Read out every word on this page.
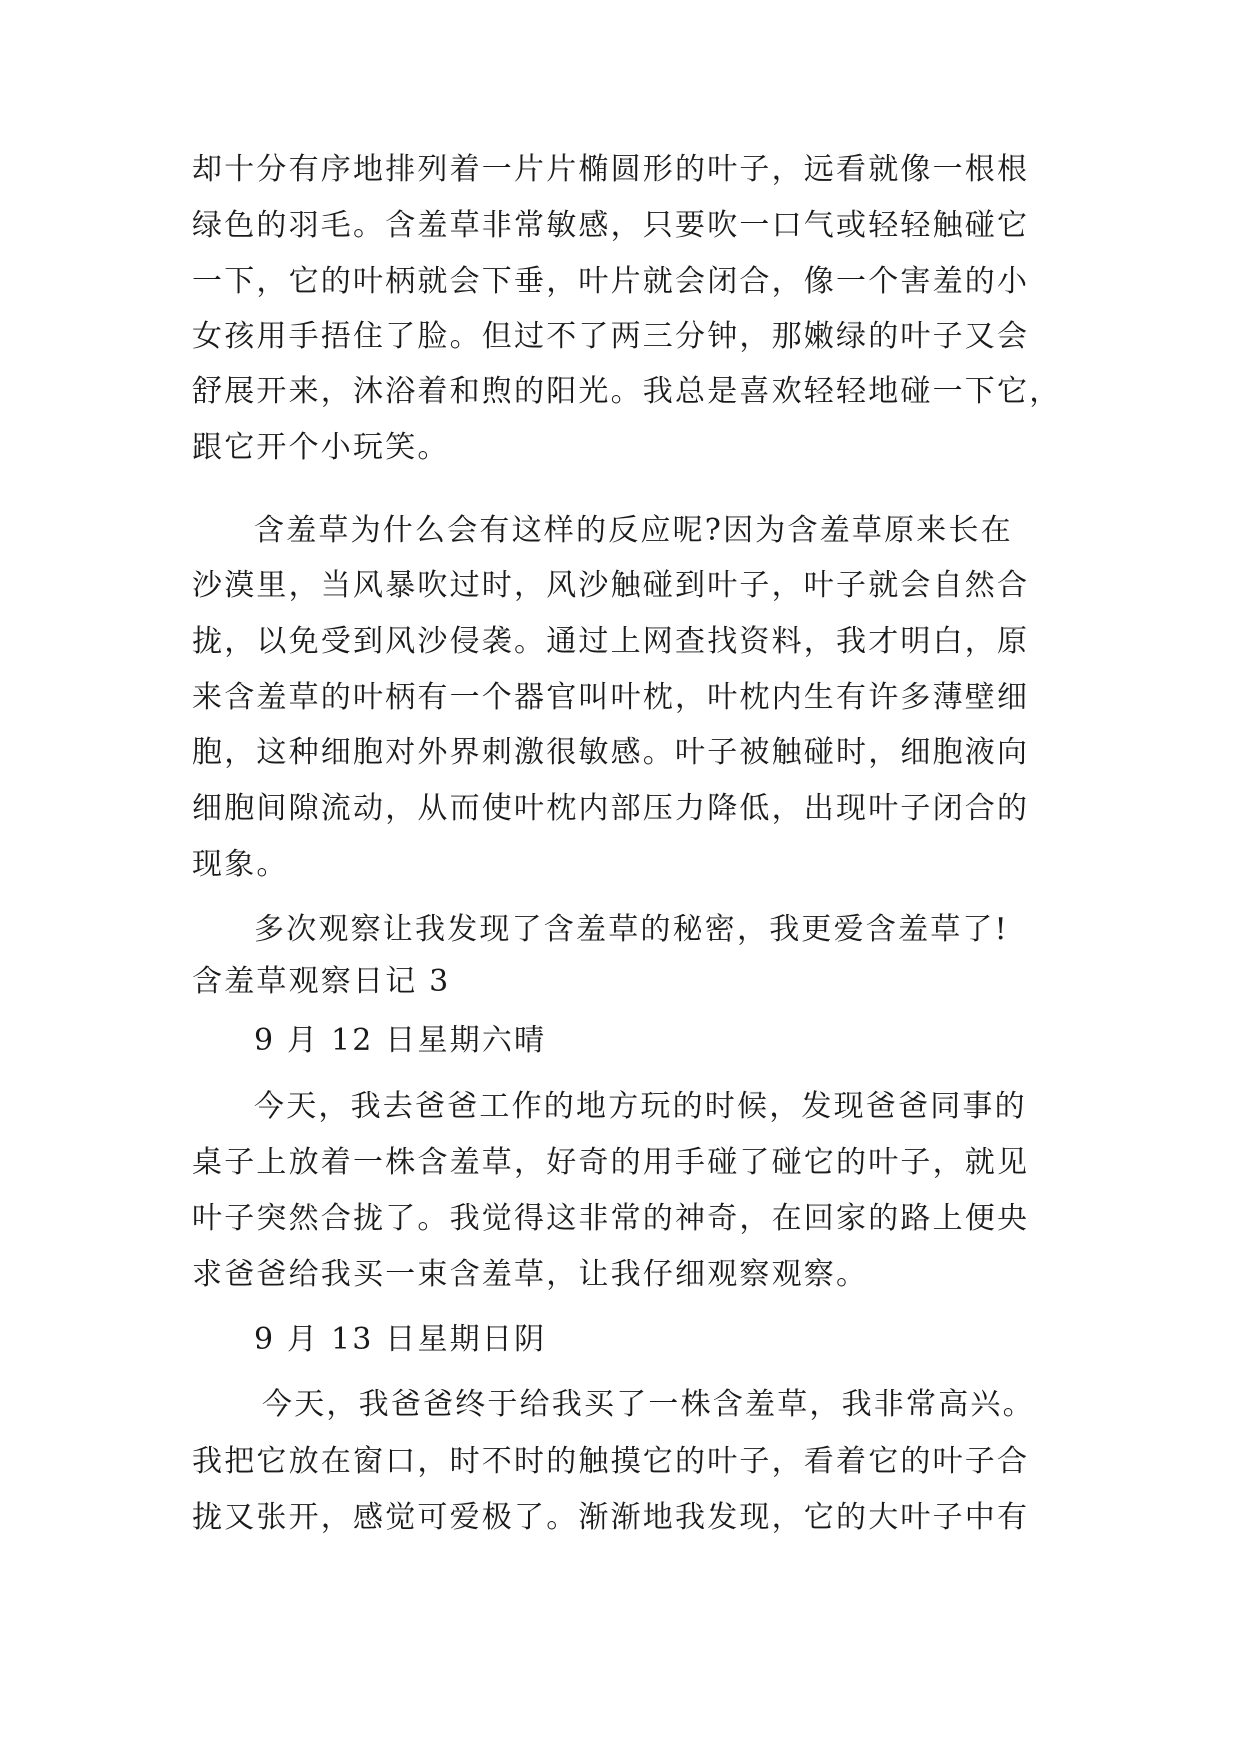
却十分有序地排列着一片片椭圆形的叶子，远看就像一根根
绿色的羽毛。含羞草非常敏感，只要吹一口气或轻轻触碰它
一下，它的叶柄就会下垂，叶片就会闭合，像一个害羞的小
女孩用手捂住了脸。但过不了两三分钟，那嫩绿的叶子又会
舒展开来，沐浴着和煦的阳光。我总是喜欢轻轻地碰一下它，
跟它开个小玩笑。
含羞草为什么会有这样的反应呢?因为含羞草原来长在
沙漠里，当风暴吹过时，风沙触碰到叶子，叶子就会自然合
拢，以免受到风沙侵袭。通过上网查找资料，我才明白，原
来含羞草的叶柄有一个器官叫叶枕，叶枕内生有许多薄壁细
胞，这种细胞对外界刺激很敏感。叶子被触碰时，细胞液向
细胞间隙流动，从而使叶枕内部压力降低，出现叶子闭合的
现象。
多次观察让我发现了含羞草的秘密，我更爱含羞草了!
含羞草观察日记 3
9 月 12 日星期六晴
今天，我去爸爸工作的地方玩的时候，发现爸爸同事的
桌子上放着一株含羞草，好奇的用手碰了碰它的叶子，就见
叶子突然合拢了。我觉得这非常的神奇，在回家的路上便央
求爸爸给我买一束含羞草，让我仔细观察观察。
9 月 13 日星期日阴
今天，我爸爸终于给我买了一株含羞草，我非常高兴。
我把它放在窗口，时不时的触摸它的叶子，看着它的叶子合
拢又张开，感觉可爱极了。渐渐地我发现，它的大叶子中有
